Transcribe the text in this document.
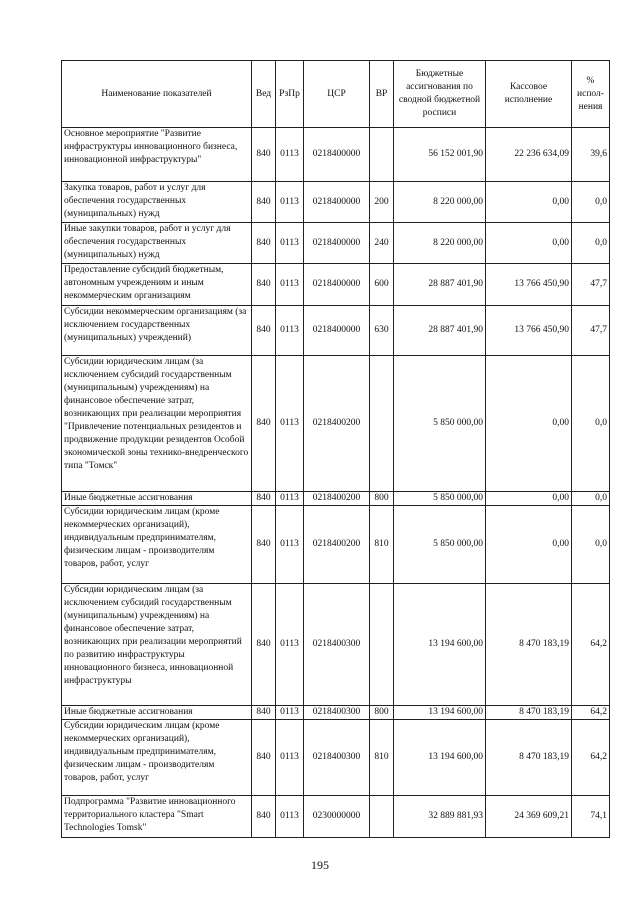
Наименование показателей	Вед	РзПр	ЦСР	ВР	Бюджетные ассигнования по сводной бюджетной росписи	Кассовое исполнение	% испол-нения
Основное мероприятие "Развитие инфраструктуры инновационного бизнеса, инновационной инфраструктуры"	840	0113	0218400000		56 152 001,90	22 236 634,09	39,6
Закупка товаров, работ и услуг для обеспечения государственных (муниципальных) нужд	840	0113	0218400000	200	8 220 000,00	0,00	0,0
Иные закупки товаров, работ и услуг для обеспечения государственных (муниципальных) нужд	840	0113	0218400000	240	8 220 000,00	0,00	0,0
Предоставление субсидий бюджетным, автономным учреждениям и иным некоммерческим организациям	840	0113	0218400000	600	28 887 401,90	13 766 450,90	47,7
Субсидии некоммерческим организациям (за исключением государственных (муниципальных) учреждений)	840	0113	0218400000	630	28 887 401,90	13 766 450,90	47,7
Субсидии юридическим лицам (за исключением субсидий государственным (муниципальным) учреждениям) на финансовое обеспечение затрат, возникающих при реализации мероприятия "Привлечение потенциальных резидентов и продвижение продукции резидентов Особой экономической зоны технико-внедренческого типа "Томск"	840	0113	0218400200		5 850 000,00	0,00	0,0
Иные бюджетные ассигнования	840	0113	0218400200	800	5 850 000,00	0,00	0,0
Субсидии юридическим лицам (кроме некоммерческих организаций), индивидуальным предпринимателям, физическим лицам - производителям товаров, работ, услуг	840	0113	0218400200	810	5 850 000,00	0,00	0,0
Субсидии юридическим лицам (за исключением субсидий государственным (муниципальным) учреждениям) на финансовое обеспечение затрат, возникающих при реализации мероприятий по развитию инфраструктуры инновационного бизнеса, инновационной инфраструктуры	840	0113	0218400300		13 194 600,00	8 470 183,19	64,2
Иные бюджетные ассигнования	840	0113	0218400300	800	13 194 600,00	8 470 183,19	64,2
Субсидии юридическим лицам (кроме некоммерческих организаций), индивидуальным предпринимателям, физическим лицам - производителям товаров, работ, услуг	840	0113	0218400300	810	13 194 600,00	8 470 183,19	64,2
Подпрограмма "Развитие инновационного территориального кластера "Smart Technologies Tomsk"	840	0113	0230000000		32 889 881,93	24 369 609,21	74,1
195
